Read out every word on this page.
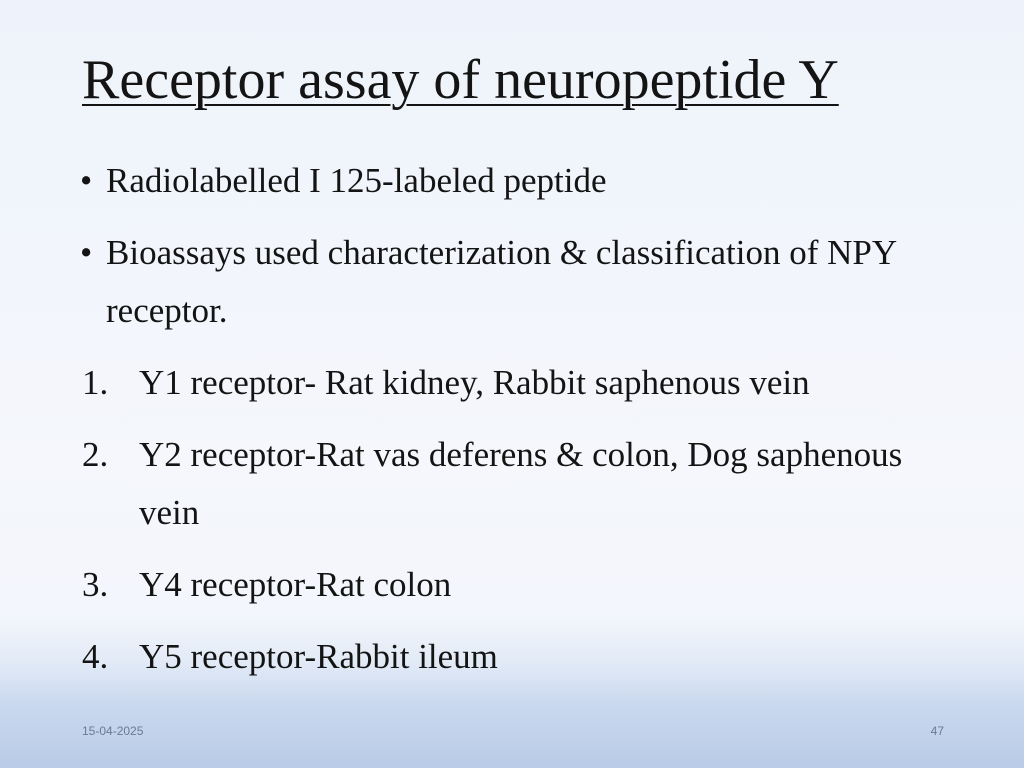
Receptor assay of neuropeptide Y
• Radiolabelled I 125-labeled peptide
• Bioassays used characterization & classification of NPY receptor.
1. Y1 receptor- Rat kidney, Rabbit saphenous vein
2. Y2 receptor-Rat vas deferens & colon, Dog saphenous vein
3. Y4 receptor-Rat colon
4. Y5 receptor-Rabbit ileum
15-04-2025	47
